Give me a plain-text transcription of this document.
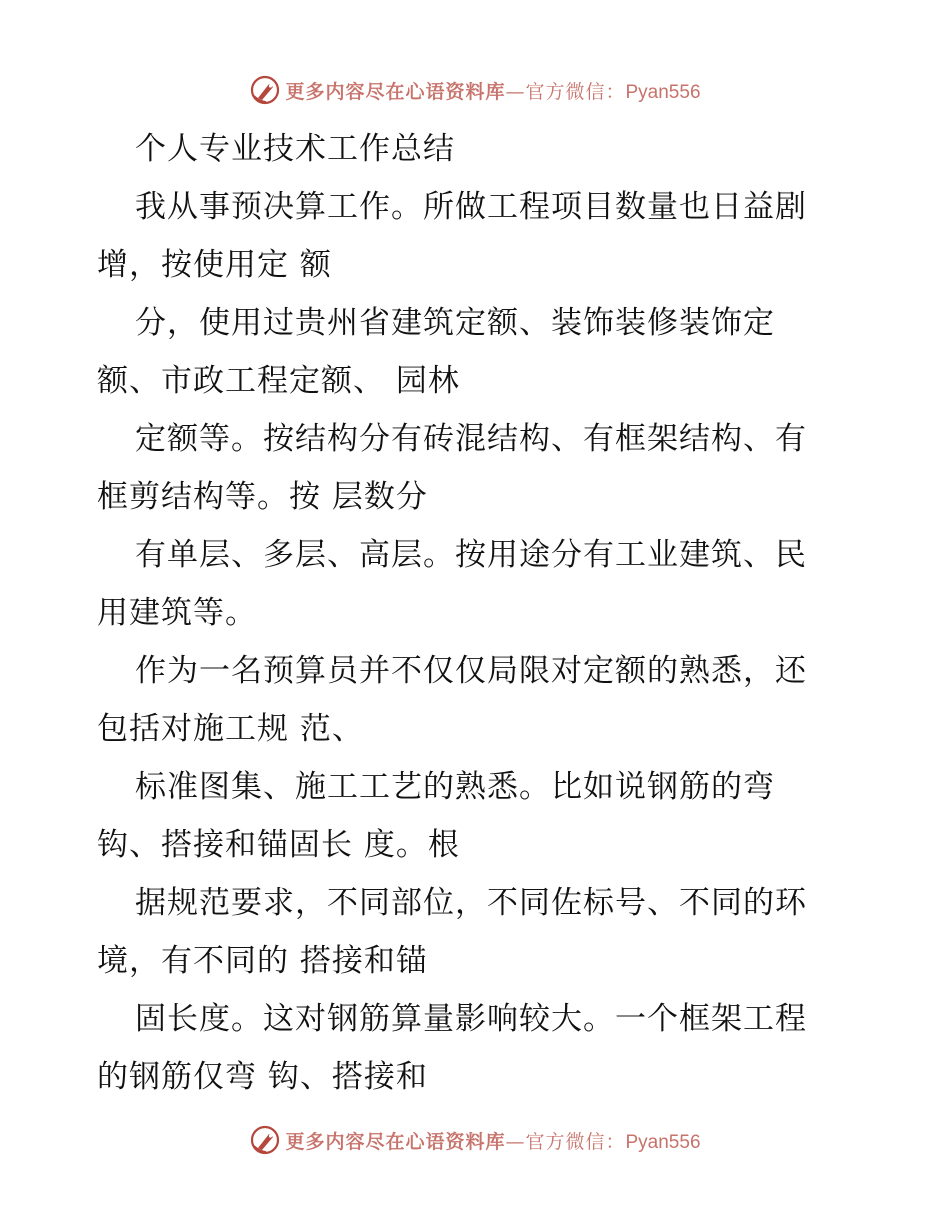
更多内容尽在心语资料库—官方微信：Pyan556
个人专业技术工作总结
我从事预决算工作。所做工程项目数量也日益剧
增，按使用定 额
分，使用过贵州省建筑定额、装饰装修装饰定
额、市政工程定额、 园林
定额等。按结构分有砖混结构、有框架结构、有
框剪结构等。按 层数分
有单层、多层、高层。按用途分有工业建筑、民
用建筑等。
作为一名预算员并不仅仅局限对定额的熟悉，还
包括对施工规 范、
标准图集、施工工艺的熟悉。比如说钢筋的弯
钩、搭接和锚固长 度。根
据规范要求，不同部位，不同佐标号、不同的环
境，有不同的 搭接和锚
固长度。这对钢筋算量影响较大。一个框架工程
的钢筋仅弯 钩、搭接和
更多内容尽在心语资料库—官方微信：Pyan556
